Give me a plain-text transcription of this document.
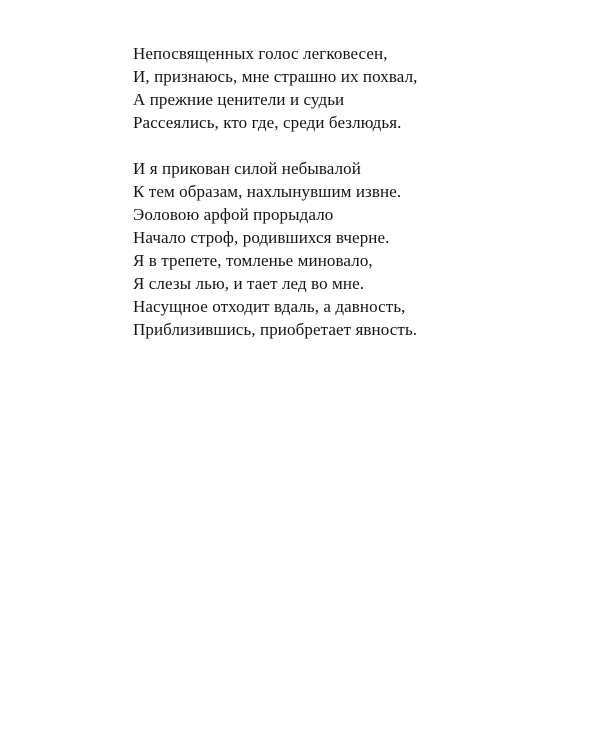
Непосвященных голос легковесен,
И, признаюсь, мне страшно их похвал,
А прежние ценители и судьи
Рассеялись, кто где, среди безлюдья.
И я прикован силой небывалой
К тем образам, нахлынувшим извне.
Эоловою арфой прорыдало
Начало строф, родившихся вчерне.
Я в трепете, томленье миновало,
Я слезы лью, и тает лед во мне.
Насущное отходит вдаль, а давность,
Приблизившись, приобретает явность.
